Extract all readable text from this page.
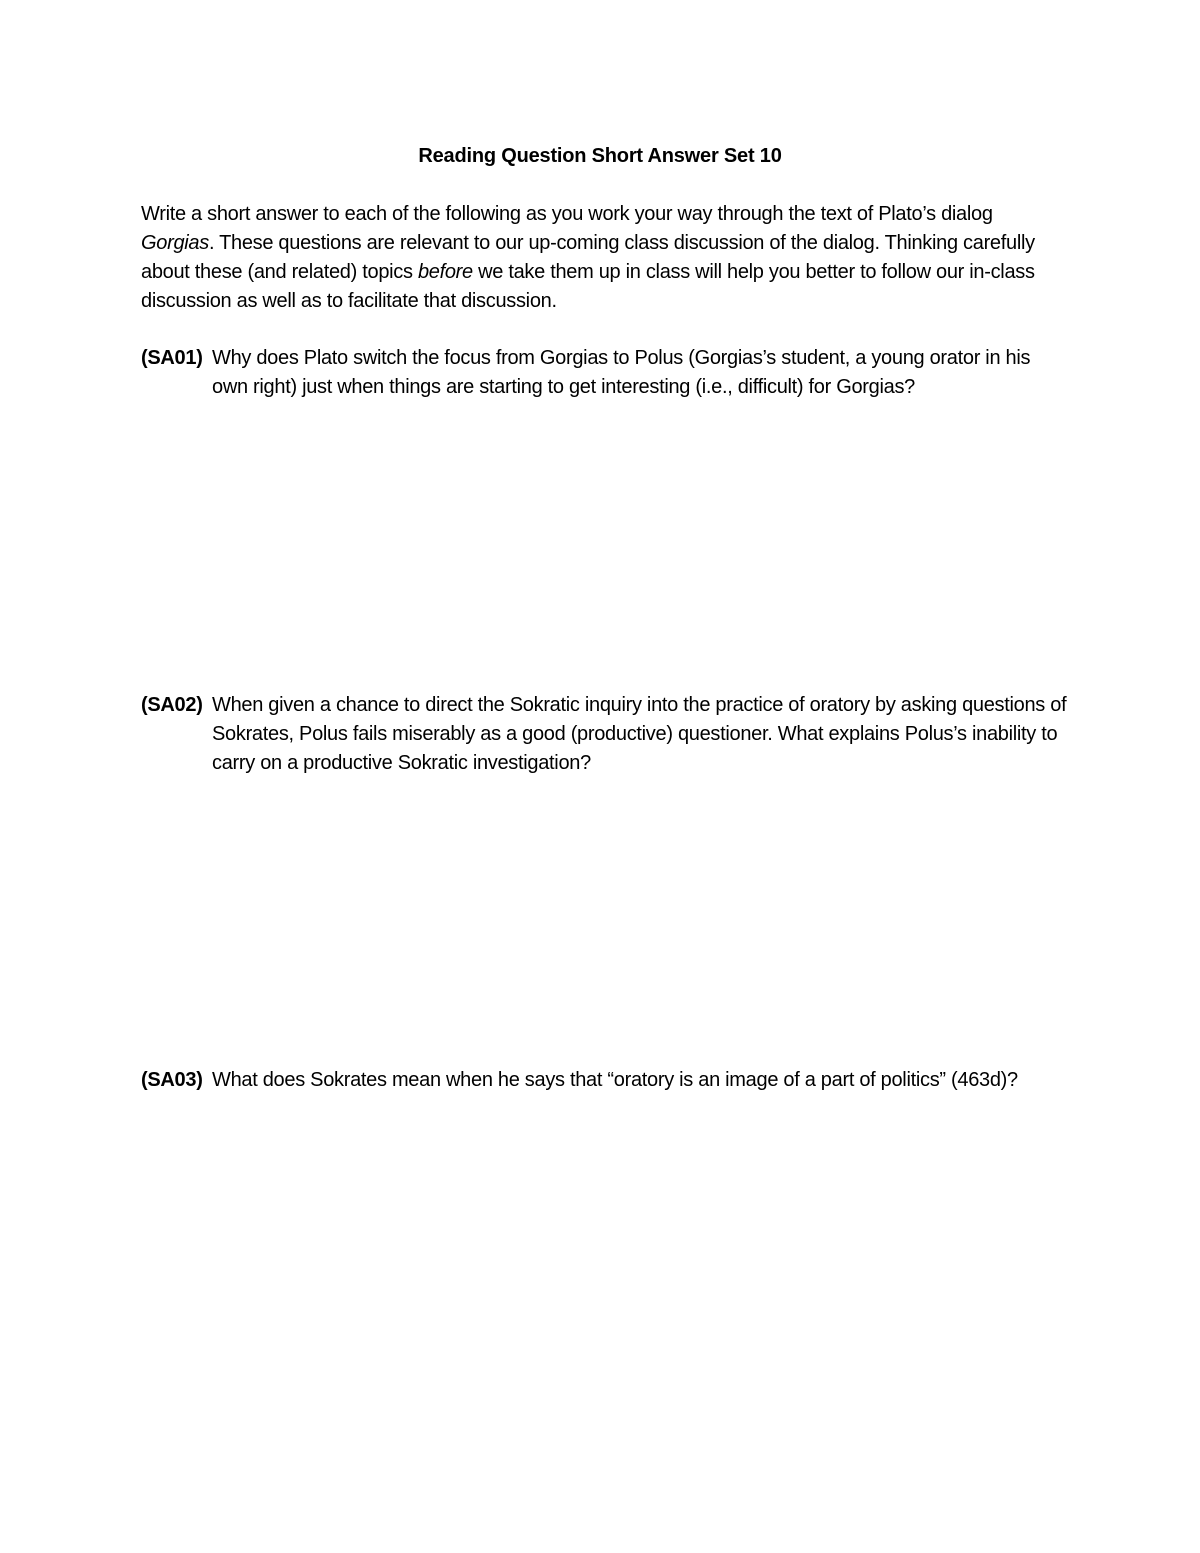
Reading Question Short Answer Set 10
Write a short answer to each of the following as you work your way through the text of Plato’s dialog Gorgias. These questions are relevant to our up-coming class discussion of the dialog. Thinking carefully about these (and related) topics before we take them up in class will help you better to follow our in-class discussion as well as to facilitate that discussion.
(SA01) Why does Plato switch the focus from Gorgias to Polus (Gorgias’s student, a young orator in his own right) just when things are starting to get interesting (i.e., difficult) for Gorgias?
(SA02) When given a chance to direct the Sokratic inquiry into the practice of oratory by asking questions of Sokrates, Polus fails miserably as a good (productive) questioner. What explains Polus’s inability to carry on a productive Sokratic investigation?
(SA03) What does Sokrates mean when he says that “oratory is an image of a part of politics” (463d)?
